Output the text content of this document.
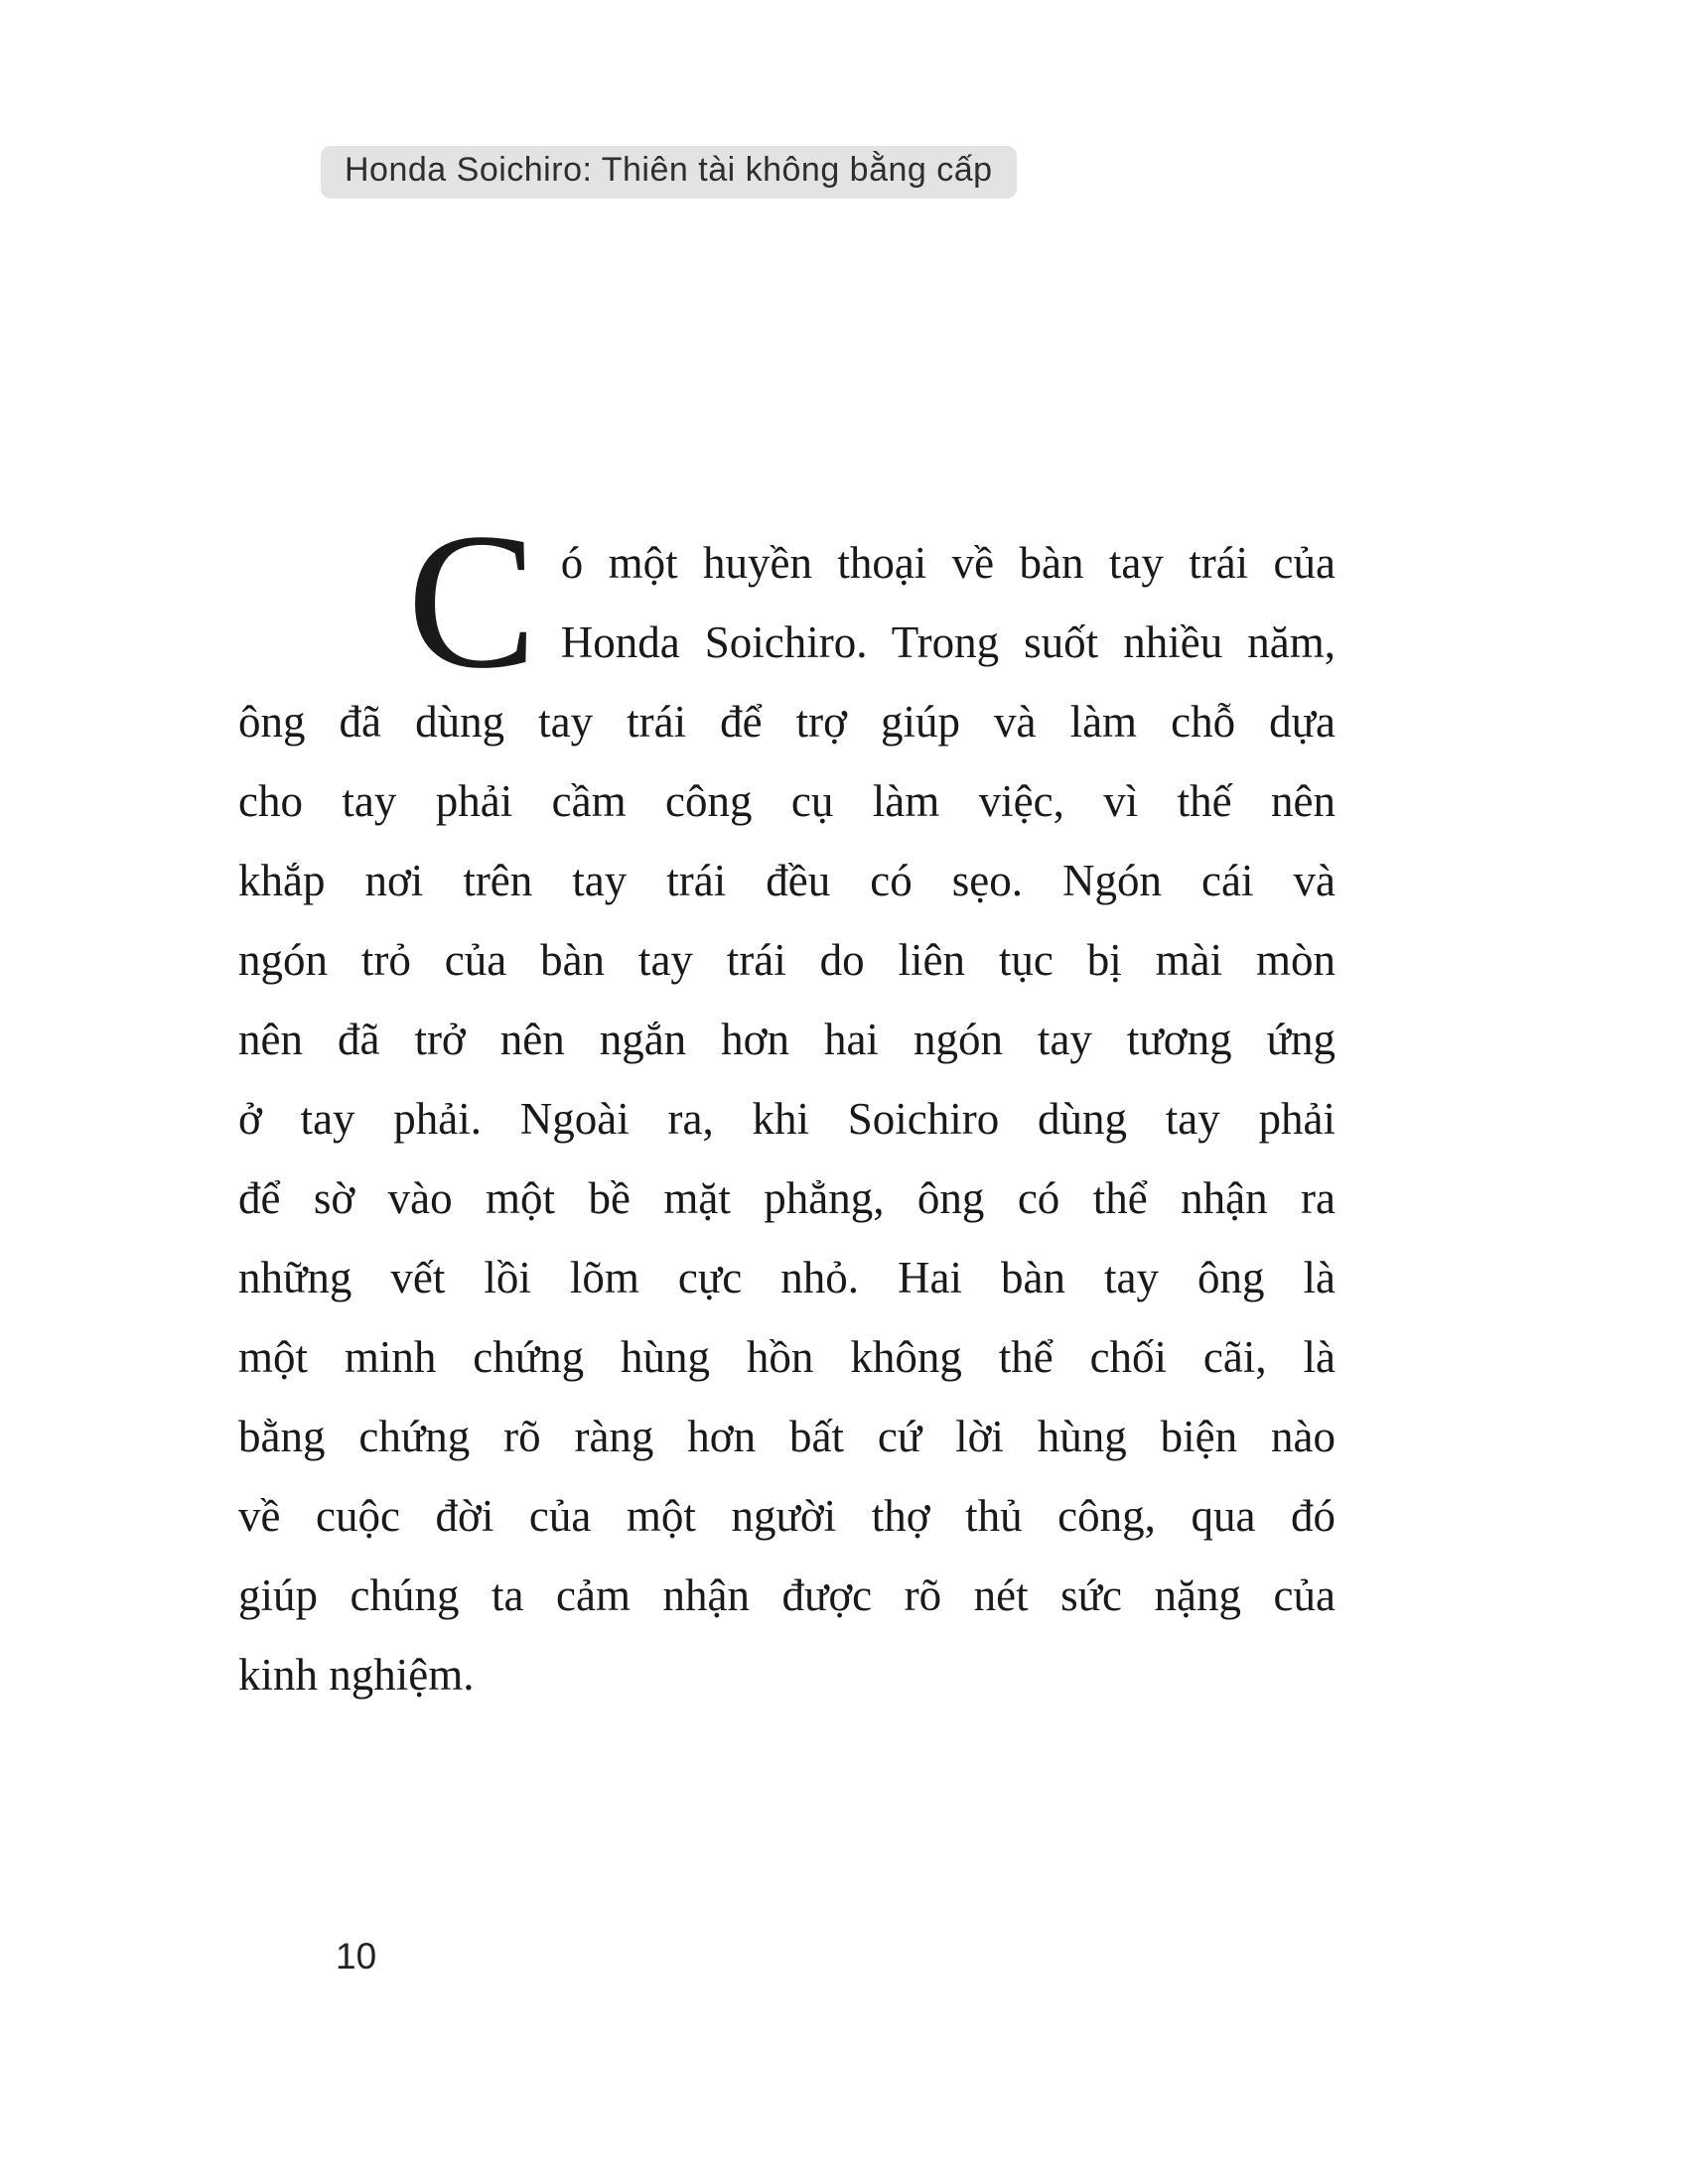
Honda Soichiro: Thiên tài không bằng cấp
C ó một huyền thoại về bàn tay trái của
Honda Soichiro. Trong suốt nhiều năm,
ông đã dùng tay trái để trợ giúp và làm chỗ dựa
cho tay phải cầm công cụ làm việc, vì thế nên
khắp nơi trên tay trái đều có sẹo. Ngón cái và
ngón trỏ của bàn tay trái do liên tục bị mài mòn
nên đã trở nên ngắn hơn hai ngón tay tương ứng
ở tay phải. Ngoài ra, khi Soichiro dùng tay phải
để sờ vào một bề mặt phẳng, ông có thể nhận ra
những vết lồi lõm cực nhỏ. Hai bàn tay ông là
một minh chứng hùng hồn không thể chối cãi, là
bằng chứng rõ ràng hơn bất cứ lời hùng biện nào
về cuộc đời của một người thợ thủ công, qua đó
giúp chúng ta cảm nhận được rõ nét sức nặng của
kinh nghiệm.
10
